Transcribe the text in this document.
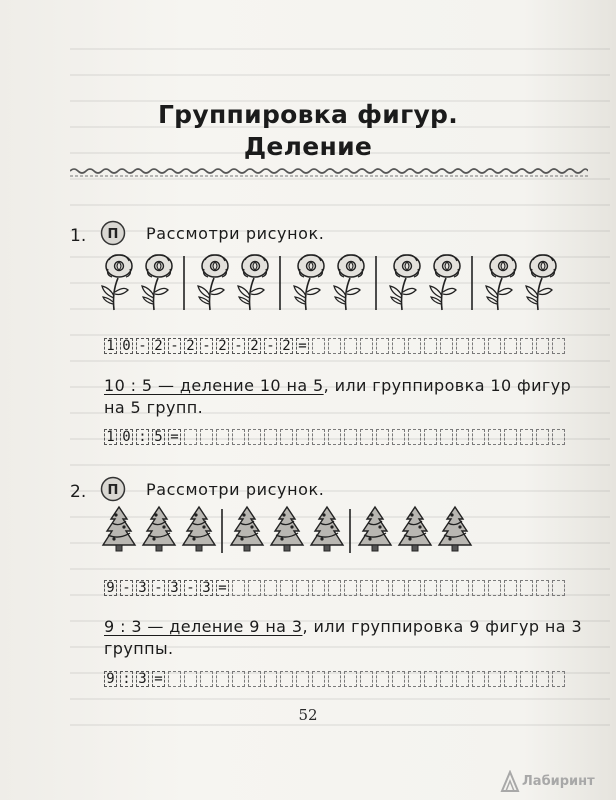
Группировка фигур.
Деление
1. П Рассмотри рисунок.
1 0 - 2 - 2 - 2 - 2 - 2 =
10 : 5 — деление 10 на 5, или группировка 10 фигур на 5 групп.
1 0 : 5 =
2. П Рассмотри рисунок.
9 - 3 - 3 - 3 =
9 : 3 — деление 9 на 3, или группировка 9 фигур на 3 группы.
9 : 3 =
52
Лабиринт
